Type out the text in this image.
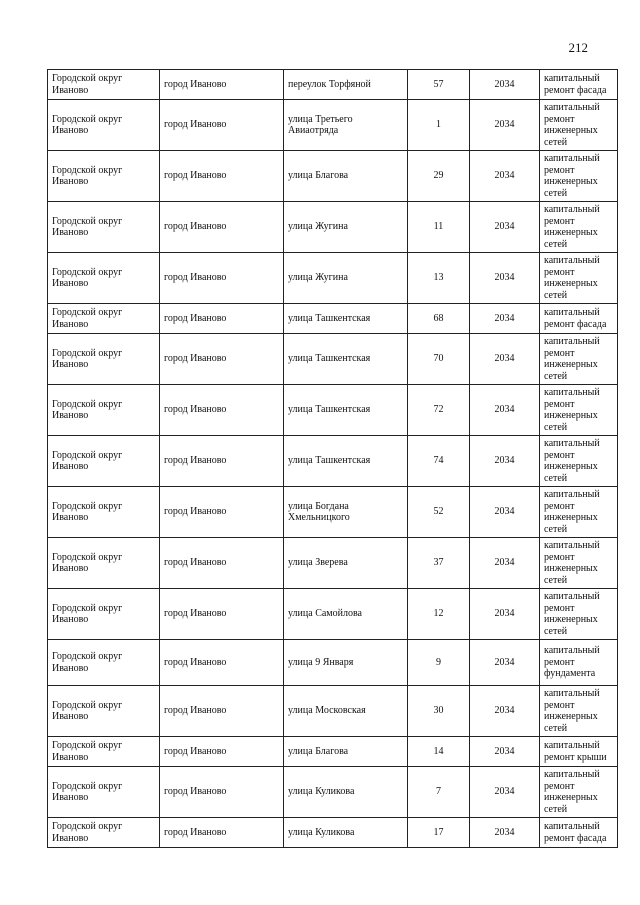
212
Городской округ Иваново	город Иваново	переулок Торфяной	57	2034	капитальный ремонт фасада
Городской округ Иваново	город Иваново	улица Третьего Авиаотряда	1	2034	капитальный ремонт инженерных сетей
Городской округ Иваново	город Иваново	улица Благова	29	2034	капитальный ремонт инженерных сетей
Городской округ Иваново	город Иваново	улица Жугина	11	2034	капитальный ремонт инженерных сетей
Городской округ Иваново	город Иваново	улица Жугина	13	2034	капитальный ремонт инженерных сетей
Городской округ Иваново	город Иваново	улица Ташкентская	68	2034	капитальный ремонт фасада
Городской округ Иваново	город Иваново	улица Ташкентская	70	2034	капитальный ремонт инженерных сетей
Городской округ Иваново	город Иваново	улица Ташкентская	72	2034	капитальный ремонт инженерных сетей
Городской округ Иваново	город Иваново	улица Ташкентская	74	2034	капитальный ремонт инженерных сетей
Городской округ Иваново	город Иваново	улица Богдана Хмельницкого	52	2034	капитальный ремонт инженерных сетей
Городской округ Иваново	город Иваново	улица Зверева	37	2034	капитальный ремонт инженерных сетей
Городской округ Иваново	город Иваново	улица Самойлова	12	2034	капитальный ремонт инженерных сетей
Городской округ Иваново	город Иваново	улица 9 Января	9	2034	капитальный ремонт фундамента
Городской округ Иваново	город Иваново	улица Московская	30	2034	капитальный ремонт инженерных сетей
Городской округ Иваново	город Иваново	улица Благова	14	2034	капитальный ремонт крыши
Городской округ Иваново	город Иваново	улица Куликова	7	2034	капитальный ремонт инженерных сетей
Городской округ Иваново	город Иваново	улица Куликова	17	2034	капитальный ремонт фасада
